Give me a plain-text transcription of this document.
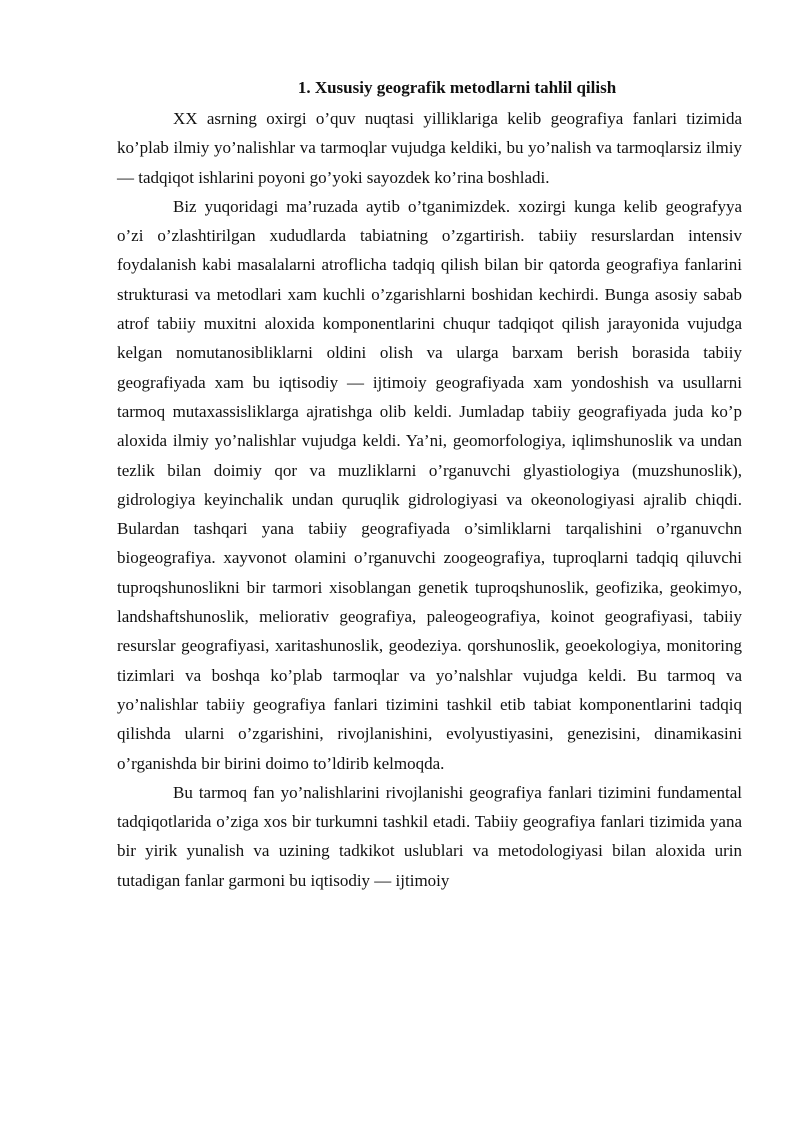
1. Xususiy geografik metodlarni tahlil qilish

XX asrning oxirgi o’quv nuqtasi yilliklariga kelib geografiya fanlari tizimida ko’plab ilmiy yo’nalishlar va tarmoqlar vujudga keldiki, bu yo’nalish va tarmoqlarsiz ilmiy— tadqiqot ishlarini poyoni go’yoki sayozdek ko’rina boshladi.

Biz yuqoridagi ma’ruzada aytib o’tganimizdek. xozirgi kunga kelib geografyya o’zi o’zlashtirilgan xududlarda tabiatning o’zgartirish. tabiiy resurslardan intensiv foydalanish kabi masalalarni atroflicha tadqiq qilish bilan bir qatorda geografiya fanlarini strukturasi va metodlari xam kuchli o’zgarishlarni boshidan kechirdi. Bunga asosiy sabab atrof tabiiy muxitni aloxida komponentlarini chuqur tadqiqot qilish jarayonida vujudga kelgan nomutanosibliklarni oldini olish va ularga barxam berish borasida tabiiy geografiyada xam bu iqtisodiy — ijtimoiy geografiyada xam yondoshish va usullarni tarmoq mutaxassisliklarga ajratishga olib keldi. Jumladap tabiiy geografiyada juda ko’p aloxida ilmiy yo’nalishlar vujudga keldi. Ya’ni, geomorfologiya, iqlimshunoslik va undan tezlik bilan doimiy qor va muzliklarni o’rganuvchi glyastiologiya (muzshunoslik), gidrologiya keyinchalik undan quruqlik gidrologiyasi va okeonologiyasi ajralib chiqdi. Bulardan tashqari yana tabiiy geografiyada o’simliklarni tarqalishini o’rganuvchn biogeografiya. xayvonot olamini o’rganuvchi zoogeografiya, tuproqlarni tadqiq qiluvchi tuproqshunoslikni bir tarmori xisoblangan genetik tuproqshunoslik, geofizika, geokimyo, landshaftshunoslik, meliorativ geografiya, paleogeografiya, koinot geografiyasi, tabiiy resurslar geografiyasi, xaritashunoslik, geodeziya. qorshunoslik, geoekologiya, monitoring tizimlari va boshqa ko’plab tarmoqlar va yo’nalshlar vujudga keldi. Bu tarmoq va yo’nalishlar tabiiy geografiya fanlari tizimini tashkil etib tabiat komponentlarini tadqiq qilishda ularni o’zgarishini, rivojlanishini, evolyustiyasini, genezisini, dinamikasini o’rganishda bir birini doimo to’ldirib kelmoqda.

Bu tarmoq fan yo’nalishlarini rivojlanishi geografiya fanlari tizimini fundamental tadqiqotlarida o’ziga xos bir turkumni tashkil etadi. Tabiiy geografiya fanlari tizimida yana bir yirik yunalish va uzining tadkikot uslublari va metodologiyasi bilan aloxida urin tutadigan fanlar garmoni bu iqtisodiy — ijtimoiy
